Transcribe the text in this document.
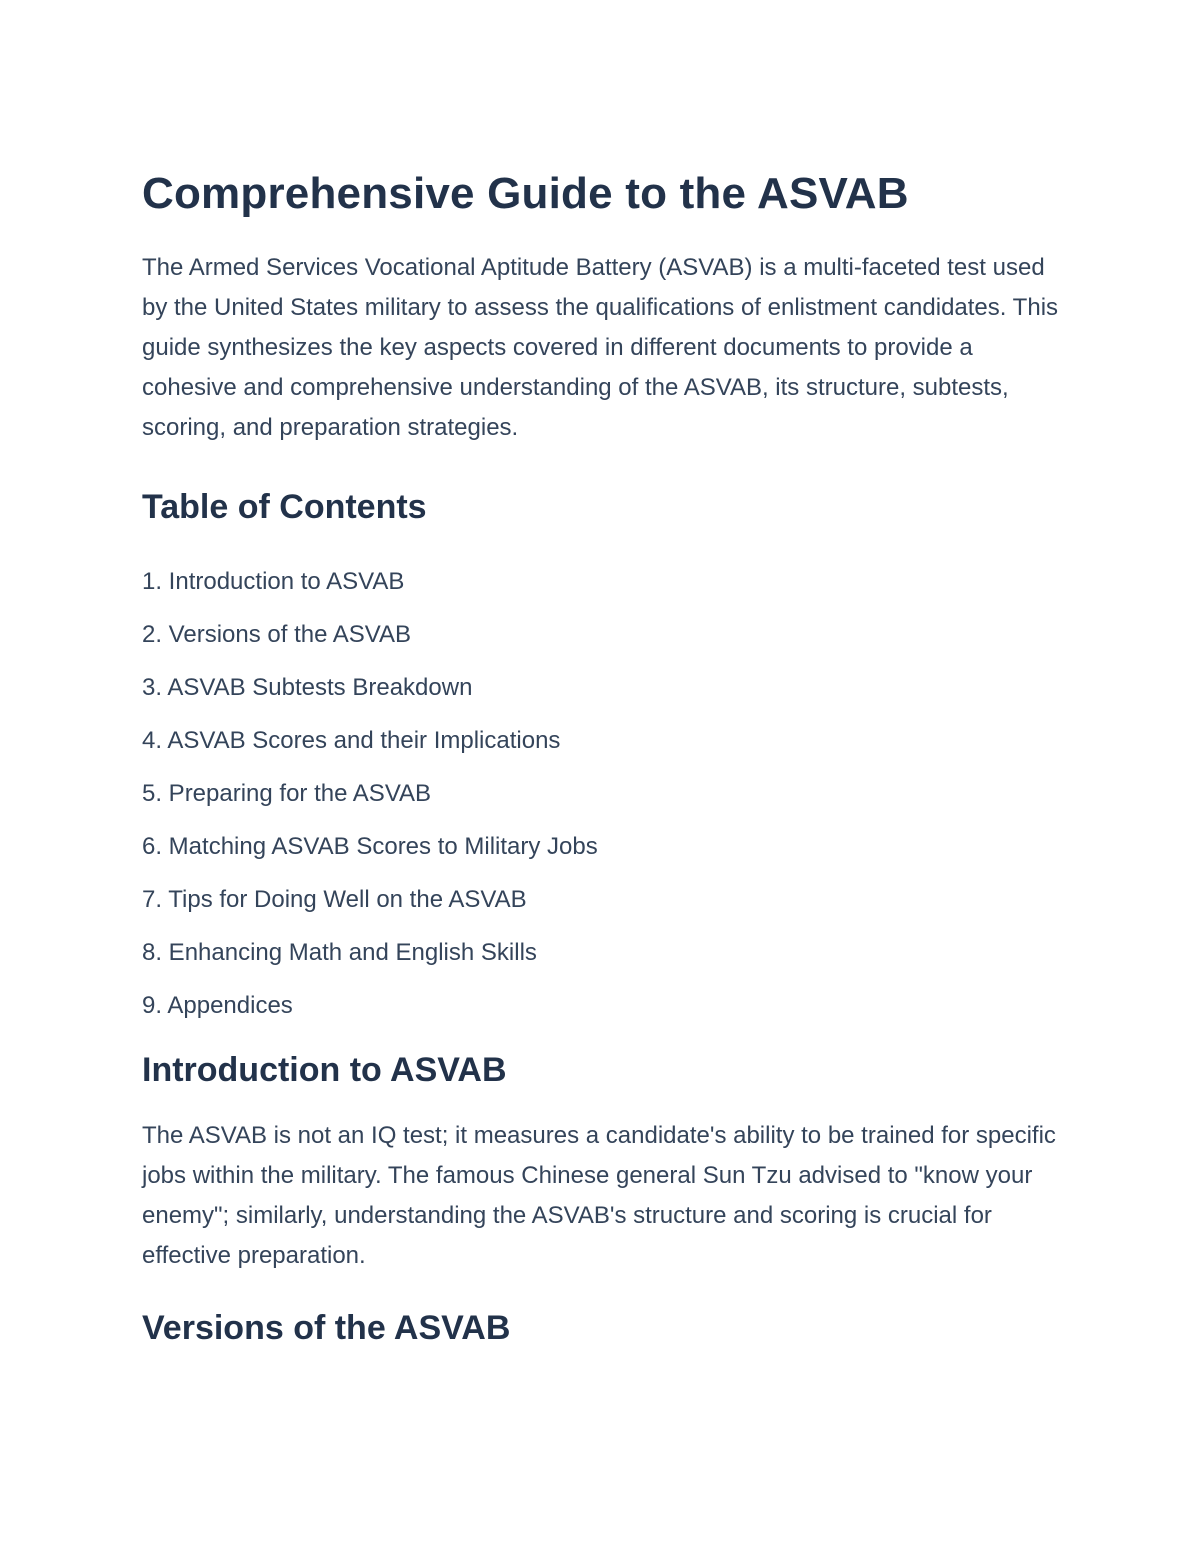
Comprehensive Guide to the ASVAB

The Armed Services Vocational Aptitude Battery (ASVAB) is a multi-faceted test used by the United States military to assess the qualifications of enlistment candidates. This guide synthesizes the key aspects covered in different documents to provide a cohesive and comprehensive understanding of the ASVAB, its structure, subtests, scoring, and preparation strategies.

Table of Contents
1. Introduction to ASVAB
2. Versions of the ASVAB
3. ASVAB Subtests Breakdown
4. ASVAB Scores and their Implications
5. Preparing for the ASVAB
6. Matching ASVAB Scores to Military Jobs
7. Tips for Doing Well on the ASVAB
8. Enhancing Math and English Skills
9. Appendices
Introduction to ASVAB

The ASVAB is not an IQ test; it measures a candidate's ability to be trained for specific jobs within the military. The famous Chinese general Sun Tzu advised to "know your enemy"; similarly, understanding the ASVAB's structure and scoring is crucial for effective preparation.

Versions of the ASVAB
